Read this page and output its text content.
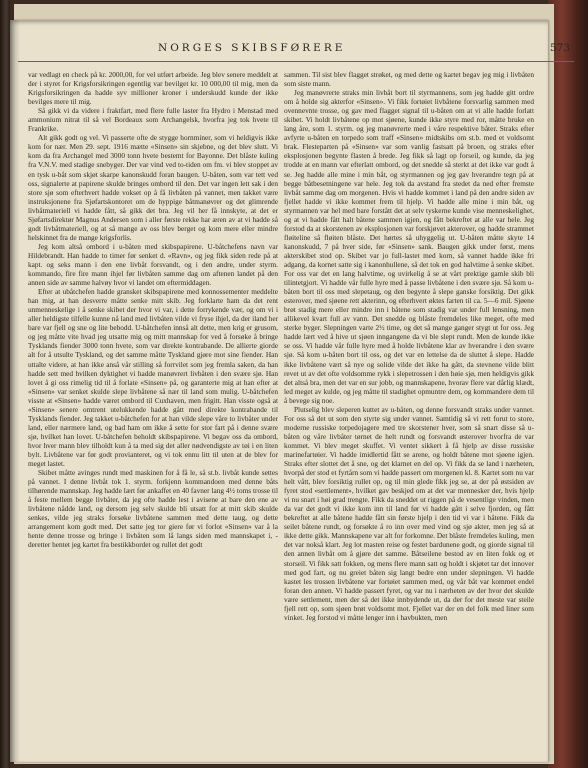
NORGES SKIBSFØRERE	573

var vedlagt en check på kr. 2000,00, for vel utført arbeide. Jeg blev senere meddelt at der i styret for Krigsforsikringen egentlig var bevilget kr. 10 000,00 til mig, men da Krigsforsikringen da hadde syv millioner kroner i underskudd kunde der ikke bevilges mere til mig.

Så gikk vi da videre i fraktfart, med flere fulle laster fra Hydro i Menstad med ammonium nitrat til så vel Bordeaux som Archangelsk, hvorfra jeg tok hvete til Frankrike.

Alt gikk godt og vel. Vi passerte ofte de stygge hornminer, som vi heldigvis ikke kom for nær. Men 29. sept. 1916 mætte «Sinsen» sin skjebne, og det blev slutt. Vi kom da fra Archangel med 3000 tonn hvete bestemt for Bayonne. Det blåste kuling fra V.N.V. med stadige snebyger. Der var vind ved to-tiden om fm. vi blev stoppet av en tysk u-båt som skjøt skarpe kanonskudd foran baugen. U-båten, som var tett ved oss, signalerte at papirene skulde bringes ombord til den. Det var ingen lett sak i den store sjø som efterhvert hadde vokset op å få livbåten på vannet, men takket være instruksjonene fra Sjøfartskontoret om de hyppige båtmanøvrer og det glimrende livbåtmateriell vi hadde fått, så gikk det bra. Jeg vil her få innskyte, at det er Sjøfartsdirektør Magnus Andersen som i aller første rekke har æren av at vi hadde så godt livbåtmateriell, og at så mange av oss blev berget og kom mere eller mindre helskinnet fra de mange krigsforlis.

Jeg kom altså ombord i u-båten med skibspapirene. U-båtchefens navn var Hildebrandt. Han hadde to timer før senket d. «Ravn», og jeg fikk siden rede på at kapt. og seks mann i den ene livbåt forsvandt, og i den andre, under styrm. kommando, fire fire mann ihjel før livbåten samme dag om aftenen landet på den annen side av samme halvøy hvor vi landet om eftermiddagen.

Efter at ubåtchefen hadde gransket skibspapirene med konnossementer meddelte han mig, at han desverre måtte senke mitt skib. Jeg forklarte ham da det rent unmenneskelige i å senke skibet der hvor vi var, i dette forrykende vær, og om vi i aller heldigste tilfelle kunne nå land med livbåten vilde vi fryse ihjel, da der iland her bare var fjell og sne og lite bebodd. U-båtchefen innså alt dette, men krig er grusom, og jeg måtte vite hvad jeg utsatte mig og mitt mannskap for ved å forsøke å bringe Tysklands fiender 3000 tonn hvete, som var direkte kontrabande. De allierte giorde alt for å utsulte Tyskland, og det samme måtte Tyskland gjøre mot sine fiender. Han uttalte videre, at han ikke anså vår stilling så forrvilet som jeg fremla saken, da han hadde sett med hvilken dyktighet vi hadde manøvrert livbåten i den svære sjø. Han lovet å gi oss rimelig tid til å forlate «Sinsen» på, og garanterte mig at han efter at «Sinsen» var senket skulde slepe livbåtene så nær til land som mulig. U-båtchefen visste at «Sinsen» hadde været ombord til Cuxhaven, men frigitt. Han visste også at «Sinsen» senere omtrent utelukkende hadde gått med direkte kontrabande til Tysklands fiender. Jeg takket u-båtchefen for at han vilde slepe våre to livbåter under land, eller nærmere land, og bad ham om ikke å sette for stor fart på i denne svære sjø, hvilket han lovet. U-båtchefen beholdt skibspapirene. Vi begav oss da ombord, hvor hver mann blev tilholdt kun å ta med sig det aller nødvendigste av tøi i en liten bylt. Livbåtene var før godt provianteret, og vi tok ennu litt til uten at de blev for meget lastet.

Skibet måtte avinges rundt med maskinen for å få le, så st.b. livbåt kunde settes på vannet. I denne livbåt tok 1. styrm. forkjenn kommandoen med denne båts tilhørende mannskap. Jeg hadde lært før ankaffet en 40 favner lang 4½ toms trosse til å feste mellem begge livbåter, da jeg ofte hadde lest i avisene at bare den ene av livbåtene nådde land, og dersom jeg selv skulde bli utsatt for at mitt skib skulde senkes, vilde jeg straks forsøke livbåtene sammen med dette taug, og dette arrangement kom godt med. Det satte jeg tor giere før vi forlot «Sinsen» var å la hente denne trosse og bringe i livbåten som lå langs siden med mannskapet i, -deretter hentet jeg kartet fra bestikkbordet og rullet det godt

sammen. Til sist blev flagget strøket, og med dette og kartet begav jeg mig i livbåten som siste mann.

Jeg manøvrerte straks min livbåt bort til styrmannens, som jeg hadde gitt ordre om å holde sig akterfor «Sinsen». Vi fikk fortøiet livbåtene forsvarlig sammen med ovennevnte trosse, og gav med flagget signal til u-båten om at vi alle hadde forlatt skibet. Vi holdt livbåtene op mot sjøene, kunde ikke styre med ror, måtte bruke en lang åre, som 1. styrm. og jeg manøvrerte med i våre respektive båter. Straks efter avfyrte u-båten en torpedo som traff «Sinsen» midtskibs om st.b. med et voldsomt brak. Flesteparten på «Sinsen» var som vanlig fastsatt på broen, og straks efter eksplosjonen begynte flasten å brede. Jeg fikk så lagt op forseil, og kunde, da jeg trodde at en mann var efterlatt ombord, og det snedde så sterkt at det ikke var godt å se. Jeg hadde alle mine i min båt, og styrmannen og jeg gav hverandre tegn på at begge båtbesetningene var hele. Jeg tok da avstand fra stedet da ned efter fremste livbåt samme dag om morgenen. Hvis vi hadde kommet i land på den andre siden av fjellet hadde vi ikke kommet frem til hjelp. Vi hadde alle mine i min båt, og styrmannen var hel med bare forstått det at selv tyskerne kunde vise menneskelighet, og at vi hadde fått halt båtene sammen igjen, og fått bekreftet at alle var hele. Jeg forstod da at skorstenen av eksplosjonen var forskjøvet akterover, og hadde strammet fløiteline så fløiten blåste. Det hørtes så uhyggelig ut. U-båten måtte skyte 14 kanonskudd, 7 på hver side, før «Sinsen» sank. Baugen gikk under først, mens akterskibet stod op. Skibet var jo full-lastet med korn, så vannet hadde ikke fri adgang, da kornet satte sig i kanonhullene, så det tok en god halvtime å senke skibet. For oss var det en lang halvtime, og uvirkelig å se at vårt prektige gamle skib bli tilintetgjort. Vi hadde vår fulle hyre med å passe livbåtene i den svære sjø. Så kom u-båten bort til oss med slepetaug, og den begynte å slepe ganske forsiktig. Det gikk esterover, med sjøene rett akterinn, og efterhvert øktes farten til ca. 5—6 mil. Sjøene brøt stadig mere eller mindre inn i båtene som stadig var under full lensning, men allikevel kvart full av vann. Det snedde og blåste fremdeles like meget, ofte med sterke byger. Slepningen varte 2½ time, og det så mange ganger stygt ut for oss. Jeg hadde lært ved å hive ut sjøen inngangene da vi ble slept rundt. Men de kunde ikke se oss. Vi hadde vår fulle hyre med å holde livbåtene klar av hverandre i den svære sjø. Så kom u-båten bort til oss, og det var en lettelse da de sluttet å slepe. Hadde ikke livbåtene vært så nye og solide vilde det ikke ha gått, da stevnene vilde blitt revet ut av det ofte voldsomme rykk i slepetrossen i den høie sjø, men heldigvis gikk det altså bra, men det var en sur jobb, og mannskapene, hvorav flere var dårlig klædt, led meget av kulde, og jeg måtte til stadighet opmuntre dem, og kommandere dem til å bevege sig noe.

Plutselig blev sleperen kuttet av u-båten, og denne forsvandt straks under vannet. For oss så det ut som den styrte sig under vannet. Samtidig så vi rett forut to store, moderne russiske torpedojagere med tre skorstener hver, som så snart disse så u-båten og våre livbåter tørnet de helt rundt og forsvandt østerover hvorfra de var kommet. Vi blev meget skuffet. Vi ventet sikkert å få hjelp av disse russiske marinefartøier. Vi hadde imidlertid fått se arene, og holdt båtene mot sjøene igjen. Straks efter slottet det å sne, og det klarnet en del op. Vi fikk da se land i nærheten, hvorpå der stod et fyrtårn som vi hadde passert om morgenen kl. 8. Kartet som nu var helt vått, blev forsiktig rullet op, og til min glede fikk jeg se, at der på østsiden av fyret stod «settlement», hvilket gav beskjed om at det var mennesker der, hvis hjelp vi nu snart i høi grad trengte. Fikk da sneddet ut riggen på de vesentlige vinden, men da var det godt vi ikke kom inn til land før vi hadde gått i selve fjorden, og fått bekreftet at alle båtene hadde fått sin første hjelp i den tid vi var i båtene. Fikk da seilet båtene rundt, og forsøkte å ro inn over med vind og sjø akter, men jeg så at ikke dette gikk. Mannskapene var alt for forkomne. Det blåste fremdeles kuling, men det var nokså klart. Jeg lot masten reise og festet bardunene godt, og giorde signal til den annen livbåt om å gjøre det samme. Båtseilene bestod av en liten fokk og et storseil. Vi fikk satt fokken, og mens flere mann satt og holdt i skjøtet tar det innover med god fart, og nu greiet båten sig langt bedre enn under slepningen. Vi hadde kastet les trossen livbåtene var fortøiet sammen med, og vår båt var kommet endel foran den annen. Vi hadde passert fyret, og var nu i nærheten av der hvor det skulde være settlement, men der så det ikke innbydende ut, da der for det meste var steile fjell rett op, som sjøen brøt voldsomt mot. Fjellet var der en del folk med liner som vinket. Jeg forstod vi måtte lenger inn i havbukten, men
